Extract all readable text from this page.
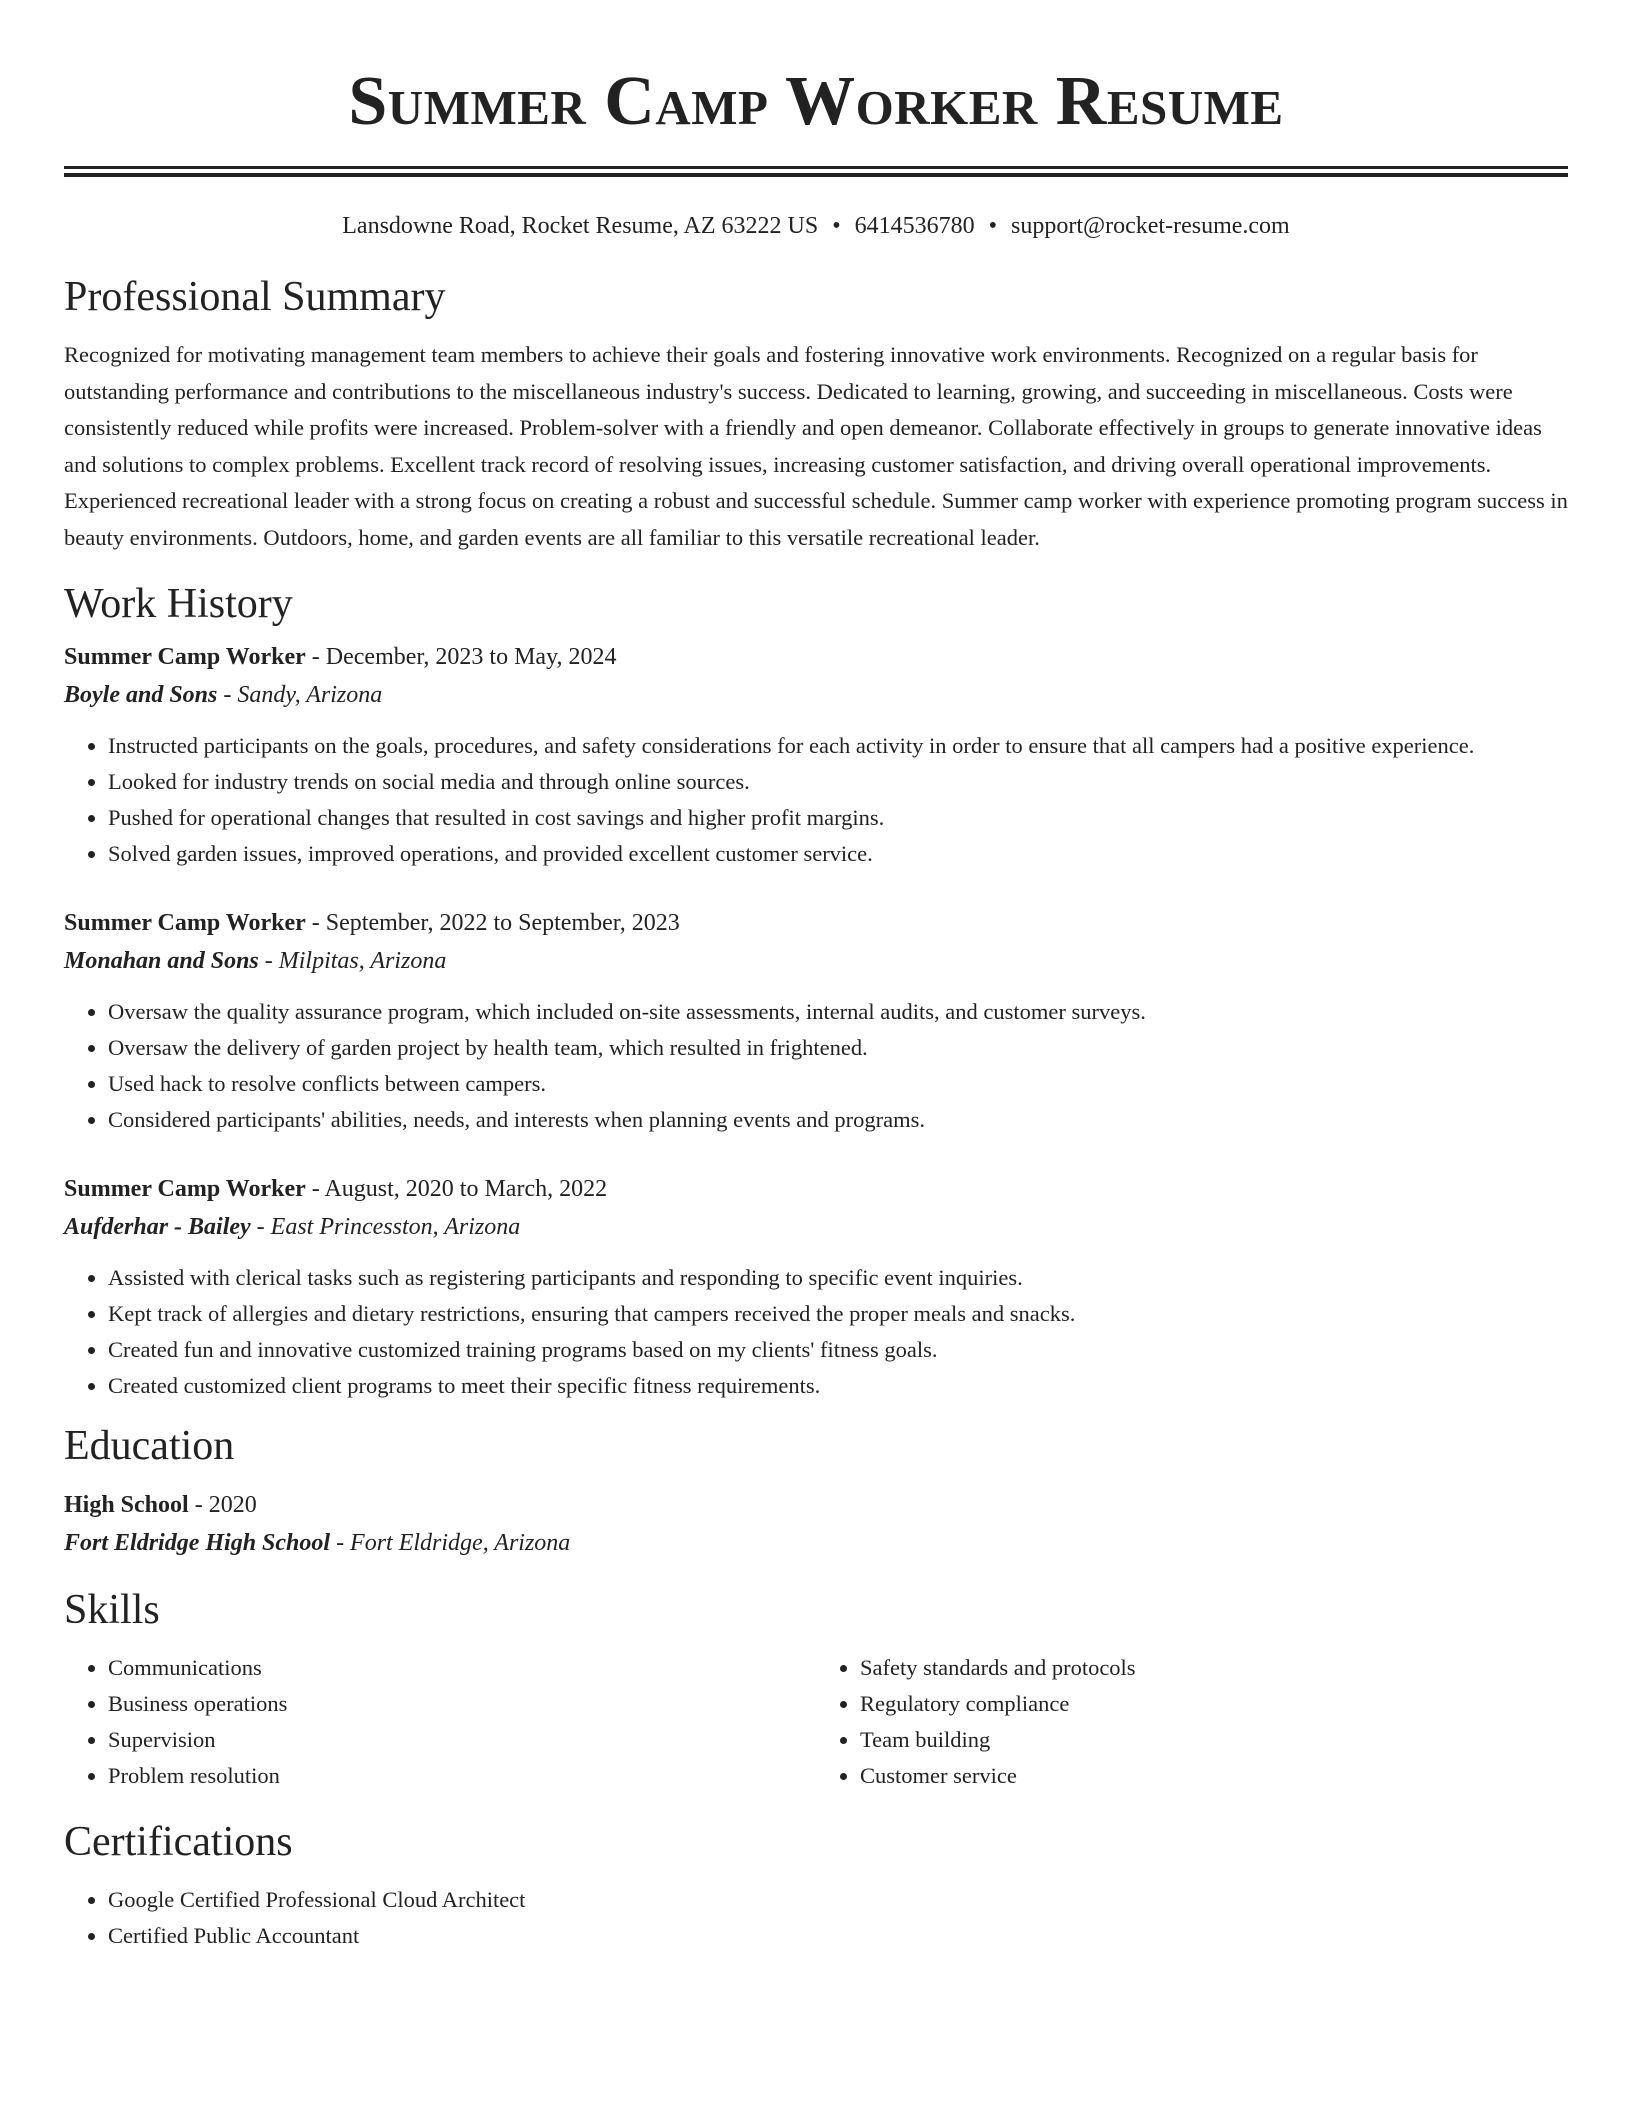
Summer Camp Worker Resume
Lansdowne Road, Rocket Resume, AZ 63222 US • 6414536780 • support@rocket-resume.com
Professional Summary
Recognized for motivating management team members to achieve their goals and fostering innovative work environments. Recognized on a regular basis for outstanding performance and contributions to the miscellaneous industry's success. Dedicated to learning, growing, and succeeding in miscellaneous. Costs were consistently reduced while profits were increased. Problem-solver with a friendly and open demeanor. Collaborate effectively in groups to generate innovative ideas and solutions to complex problems. Excellent track record of resolving issues, increasing customer satisfaction, and driving overall operational improvements. Experienced recreational leader with a strong focus on creating a robust and successful schedule. Summer camp worker with experience promoting program success in beauty environments. Outdoors, home, and garden events are all familiar to this versatile recreational leader.
Work History
Summer Camp Worker - December, 2023 to May, 2024
Boyle and Sons - Sandy, Arizona
• Instructed participants on the goals, procedures, and safety considerations for each activity in order to ensure that all campers had a positive experience.
• Looked for industry trends on social media and through online sources.
• Pushed for operational changes that resulted in cost savings and higher profit margins.
• Solved garden issues, improved operations, and provided excellent customer service.
Summer Camp Worker - September, 2022 to September, 2023
Monahan and Sons - Milpitas, Arizona
• Oversaw the quality assurance program, which included on-site assessments, internal audits, and customer surveys.
• Oversaw the delivery of garden project by health team, which resulted in frightened.
• Used hack to resolve conflicts between campers.
• Considered participants' abilities, needs, and interests when planning events and programs.
Summer Camp Worker - August, 2020 to March, 2022
Aufderhar - Bailey - East Princesston, Arizona
• Assisted with clerical tasks such as registering participants and responding to specific event inquiries.
• Kept track of allergies and dietary restrictions, ensuring that campers received the proper meals and snacks.
• Created fun and innovative customized training programs based on my clients' fitness goals.
• Created customized client programs to meet their specific fitness requirements.
Education
High School - 2020
Fort Eldridge High School - Fort Eldridge, Arizona
Skills
• Communications
• Business operations
• Supervision
• Problem resolution
• Safety standards and protocols
• Regulatory compliance
• Team building
• Customer service
Certifications
• Google Certified Professional Cloud Architect
• Certified Public Accountant
